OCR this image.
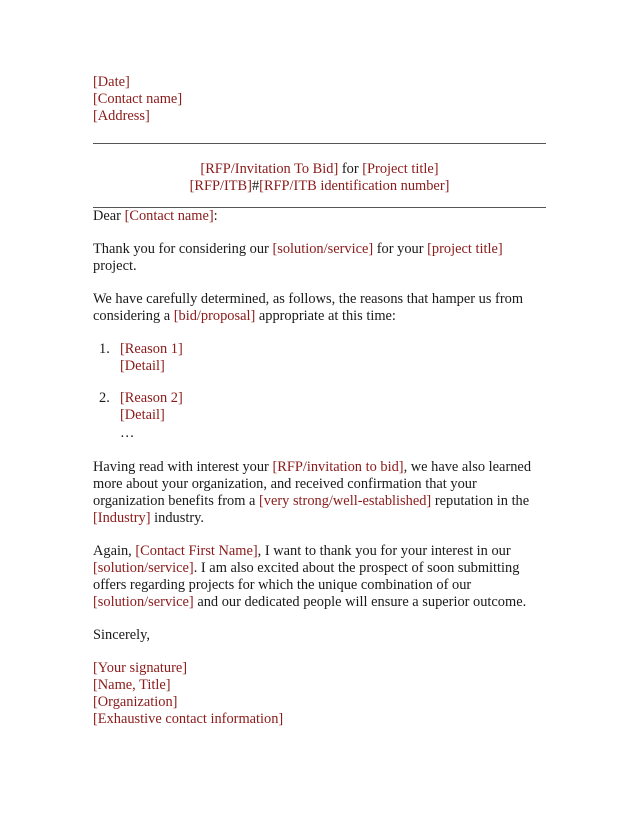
[Date]
[Contact name]
[Address]
[RFP/Invitation To Bid] for [Project title]
[RFP/ITB]#[RFP/ITB identification number]

Dear [Contact name]:

Thank you for considering our [solution/service] for your [project title] project.

We have carefully determined, as follows, the reasons that hamper us from considering a [bid/proposal] appropriate at this time:

1. [Reason 1]
[Detail]
2. [Reason 2]
[Detail]
…

Having read with interest your [RFP/invitation to bid], we have also learned more about your organization, and received confirmation that your organization benefits from a [very strong/well-established] reputation in the [Industry] industry.

Again, [Contact First Name], I want to thank you for your interest in our [solution/service]. I am also excited about the prospect of soon submitting offers regarding projects for which the unique combination of our [solution/service] and our dedicated people will ensure a superior outcome.

Sincerely,

[Your signature]
[Name, Title]
[Organization]
[Exhaustive contact information]
